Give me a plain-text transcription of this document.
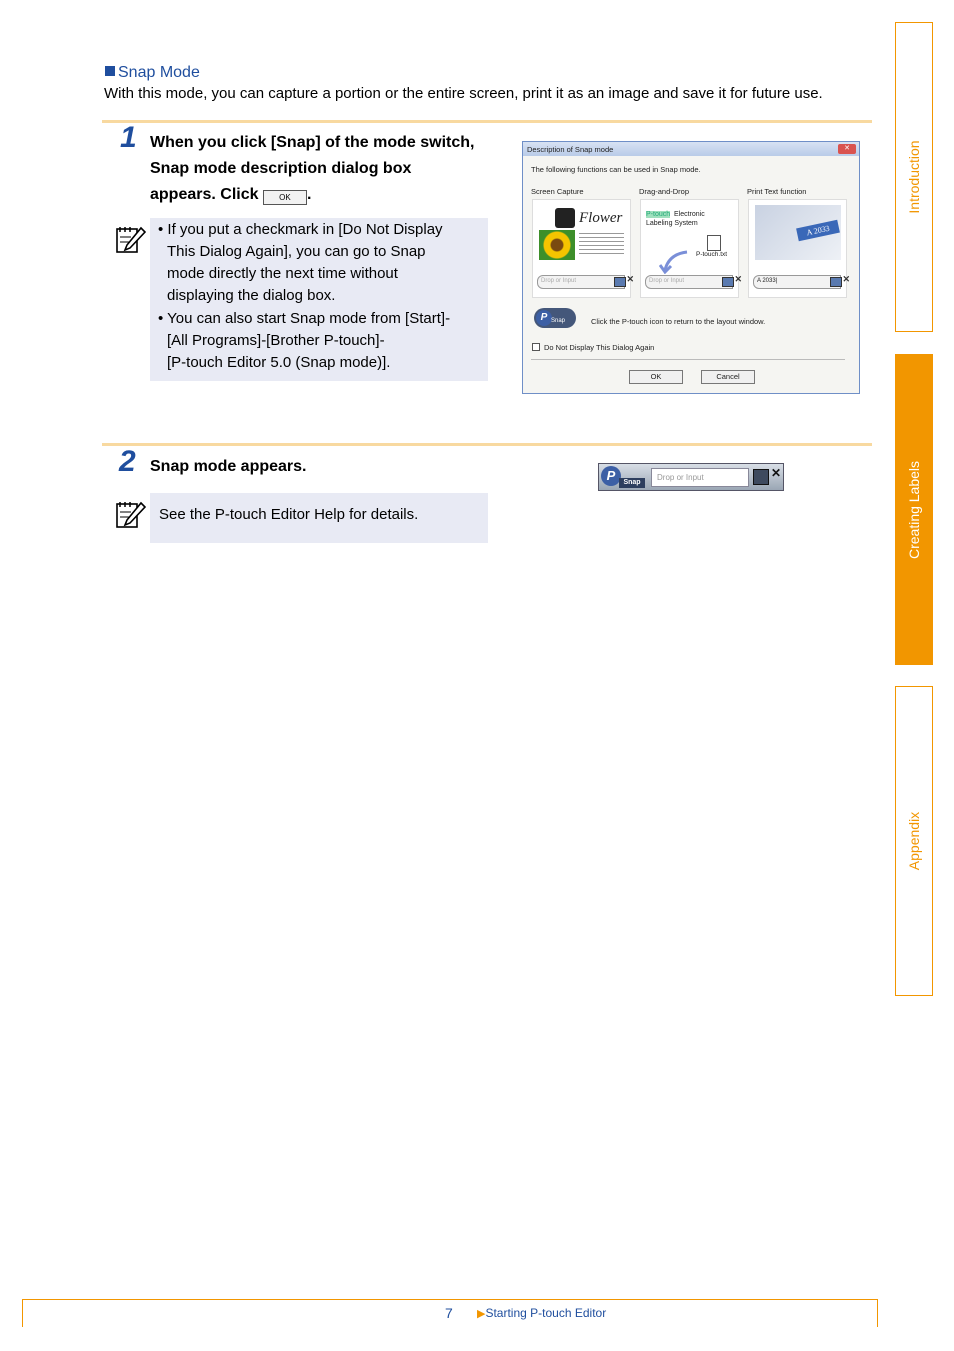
Introduction
Creating Labels
Appendix
Snap Mode
With this mode, you can capture a portion or the entire screen, print it as an image and save it for future use.
1 When you click [Snap] of the mode switch,
Snap mode description dialog box
appears. Click	OK .
• If you put a checkmark in [Do Not Display
This Dialog Again], you can go to Snap
mode directly the next time without
displaying the dialog box.
• You can also start Snap mode from [Start]-
[All Programs]-[Brother P-touch]-
[P-touch Editor 5.0 (Snap mode)].
Description of Snap mode	✕
The following functions can be used in Snap mode.
Screen Capture	Drag-and-Drop	Print Text function
Flower
Drop or Input	✕
P-touch Electronic
Labeling System
P-touch.txt
Drop or Input	✕
A 2033
A 2033|	✕
P Snap	Click the P-touch icon to return to the layout window.
Do Not Display This Dialog Again
OK	Cancel
2 Snap mode appears.
See the P-touch Editor Help for details.
P	Snap
Drop or Input	✕
7 ▶Starting P-touch Editor
